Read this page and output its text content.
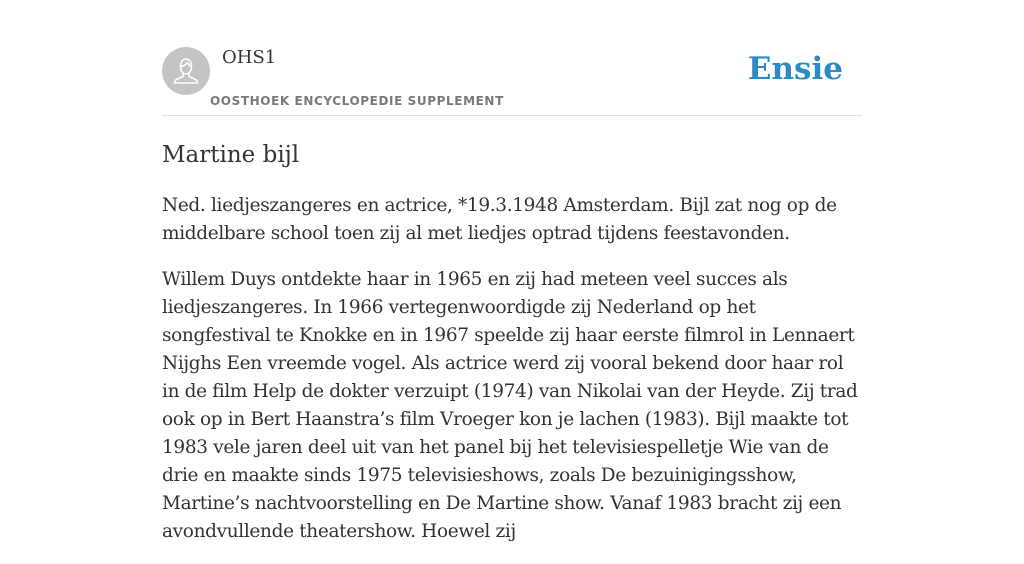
OHS1
OOSTHOEK ENCYCLOPEDIE SUPPLEMENT
Ensie
Martine bijl

Ned. liedjeszangeres en actrice, *19.3.1948 Amsterdam. Bijl zat nog op de middelbare school toen zij al met liedjes optrad tijdens feestavonden.

Willem Duys ontdekte haar in 1965 en zij had meteen veel succes als liedjeszangeres. In 1966 vertegenwoordigde zij Nederland op het songfestival te Knokke en in 1967 speelde zij haar eerste filmrol in Lennaert Nijghs Een vreemde vogel. Als actrice werd zij vooral bekend door haar rol in de film Help de dokter verzuipt (1974) van Nikolai van der Heyde. Zij trad ook op in Bert Haanstra’s film Vroeger kon je lachen (1983). Bijl maakte tot 1983 vele jaren deel uit van het panel bij het televisiespelletje Wie van de drie en maakte sinds 1975 televisieshows, zoals De bezuinigingsshow, Martine’s nachtvoorstelling en De Martine show. Vanaf 1983 bracht zij een avondvullende theatershow. Hoewel zij
